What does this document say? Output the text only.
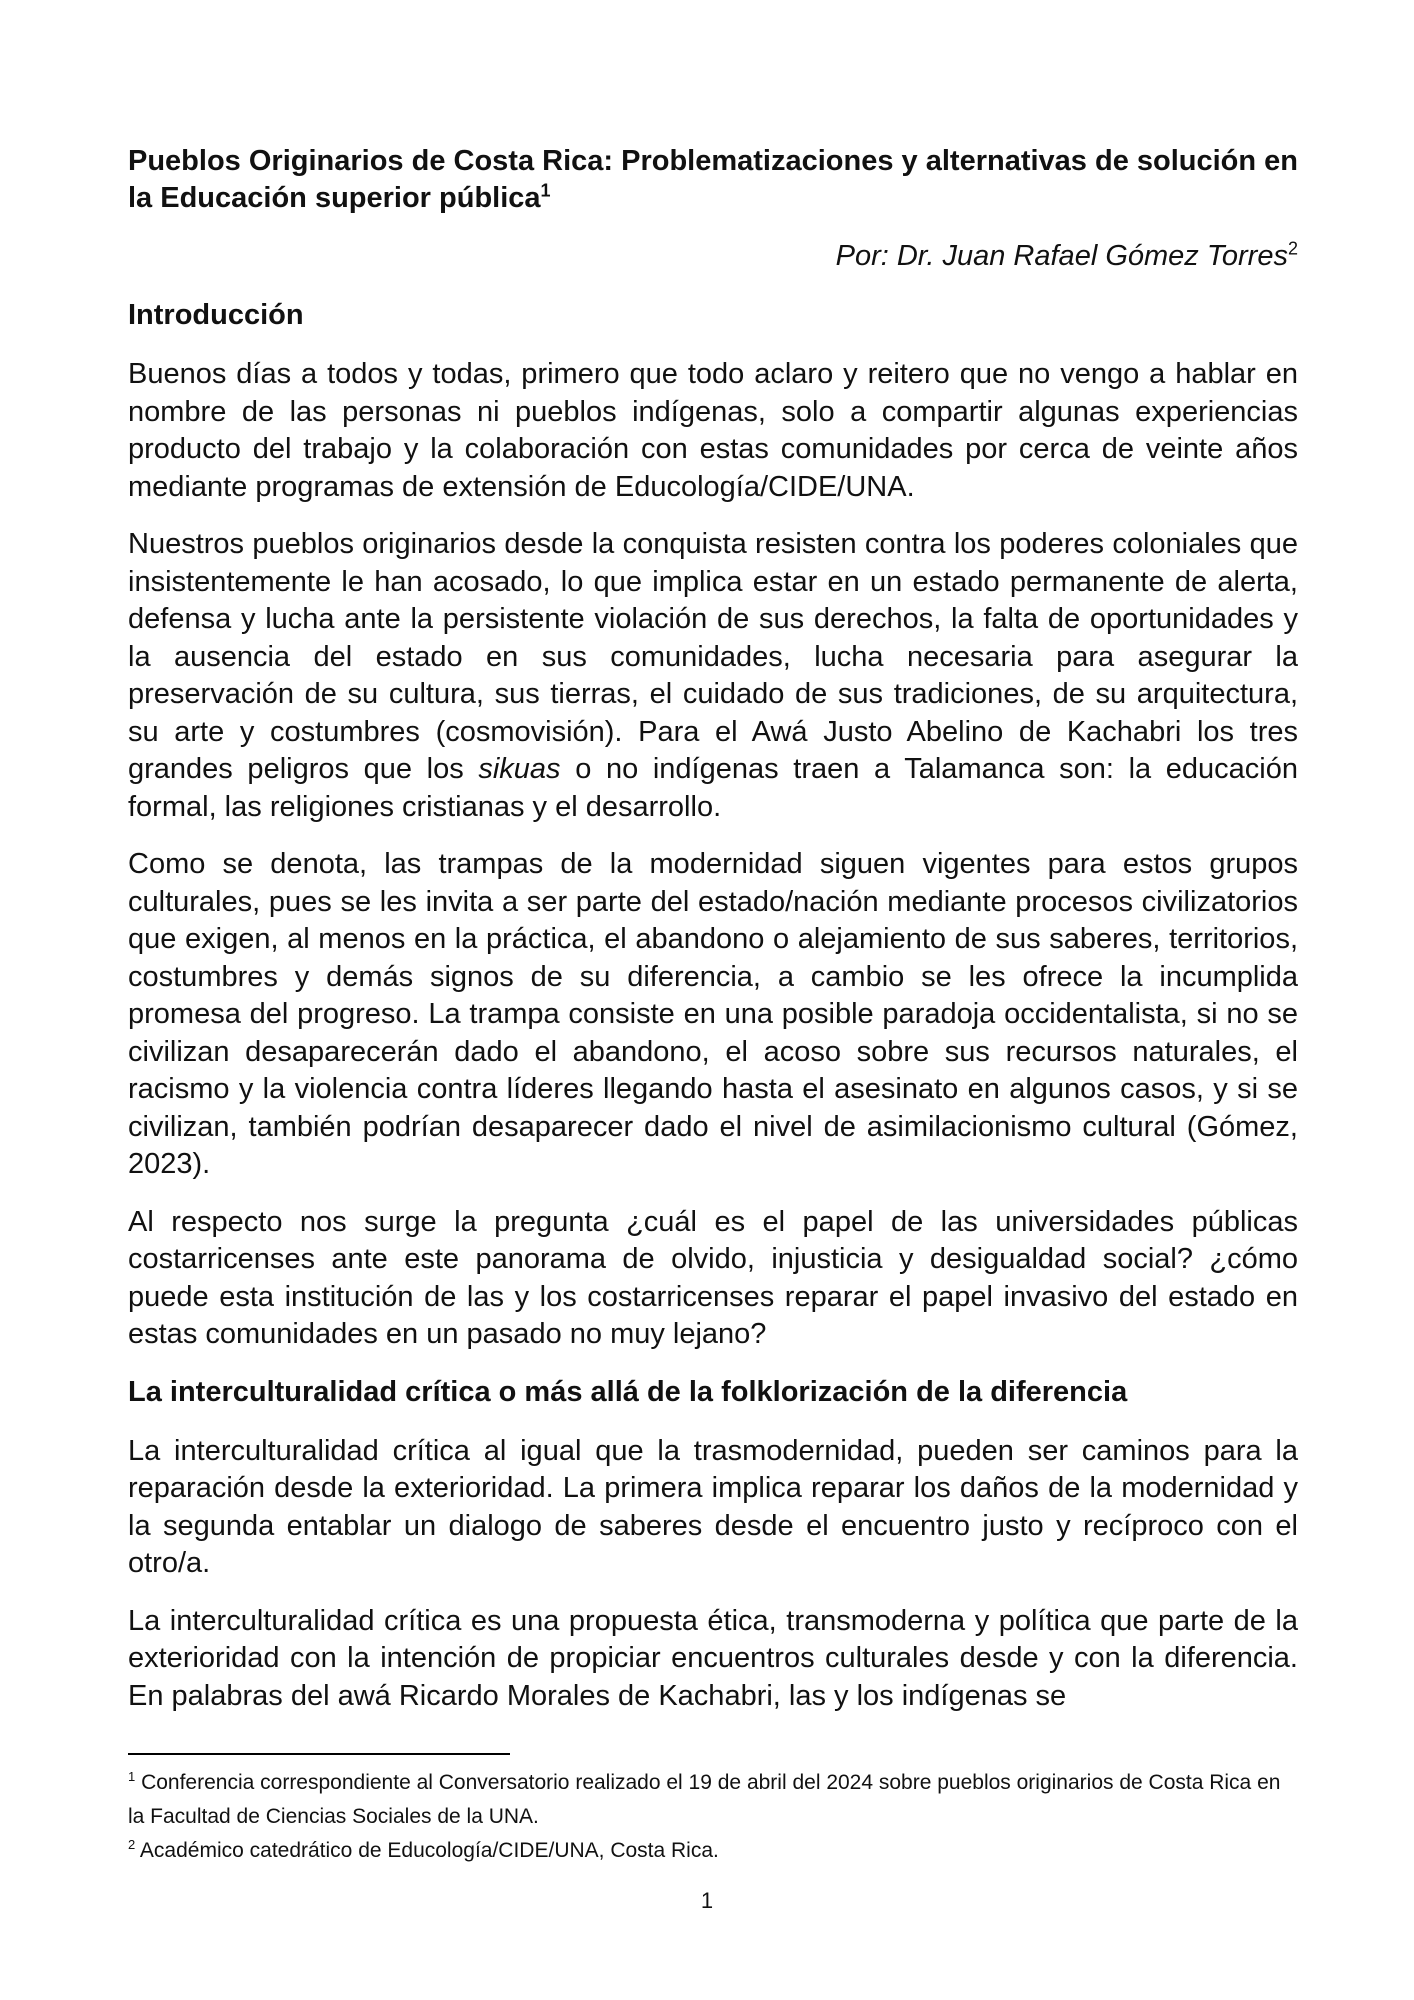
Pueblos Originarios de Costa Rica: Problematizaciones y alternativas de solución en la Educación superior pública$^1$
Por: Dr. Juan Rafael Gómez Torres$^2$
Introducción

Buenos días a todos y todas, primero que todo aclaro y reitero que no vengo a hablar en nombre de las personas ni pueblos indígenas, solo a compartir algunas experiencias producto del trabajo y la colaboración con estas comunidades por cerca de veinte años mediante programas de extensión de Educología/CIDE/UNA.

Nuestros pueblos originarios desde la conquista resisten contra los poderes coloniales que insistentemente le han acosado, lo que implica estar en un estado permanente de alerta, defensa y lucha ante la persistente violación de sus derechos, la falta de oportunidades y la ausencia del estado en sus comunidades, lucha necesaria para asegurar la preservación de su cultura, sus tierras, el cuidado de sus tradiciones, de su arquitectura, su arte y costumbres (cosmovisión). Para el Awá Justo Abelino de Kachabri los tres grandes peligros que los sikuas o no indígenas traen a Talamanca son: la educación formal, las religiones cristianas y el desarrollo.

Como se denota, las trampas de la modernidad siguen vigentes para estos grupos culturales, pues se les invita a ser parte del estado/nación mediante procesos civilizatorios que exigen, al menos en la práctica, el abandono o alejamiento de sus saberes, territorios, costumbres y demás signos de su diferencia, a cambio se les ofrece la incumplida promesa del progreso. La trampa consiste en una posible paradoja occidentalista, si no se civilizan desaparecerán dado el abandono, el acoso sobre sus recursos naturales, el racismo y la violencia contra líderes llegando hasta el asesinato en algunos casos, y si se civilizan, también podrían desaparecer dado el nivel de asimilacionismo cultural (Gómez, 2023).

Al respecto nos surge la pregunta ¿cuál es el papel de las universidades públicas costarricenses ante este panorama de olvido, injusticia y desigualdad social? ¿cómo puede esta institución de las y los costarricenses reparar el papel invasivo del estado en estas comunidades en un pasado no muy lejano?

La interculturalidad crítica o más allá de la folklorización de la diferencia

La interculturalidad crítica al igual que la trasmodernidad, pueden ser caminos para la reparación desde la exterioridad. La primera implica reparar los daños de la modernidad y la segunda entablar un dialogo de saberes desde el encuentro justo y recíproco con el otro/a.

La interculturalidad crítica es una propuesta ética, transmoderna y política que parte de la exterioridad con la intención de propiciar encuentros culturales desde y con la diferencia. En palabras del awá Ricardo Morales de Kachabri, las y los indígenas se

$^1$ Conferencia correspondiente al Conversatorio realizado el 19 de abril del 2024 sobre pueblos originarios de Costa Rica en la Facultad de Ciencias Sociales de la UNA.
$^2$ Académico catedrático de Educología/CIDE/UNA, Costa Rica.
1
